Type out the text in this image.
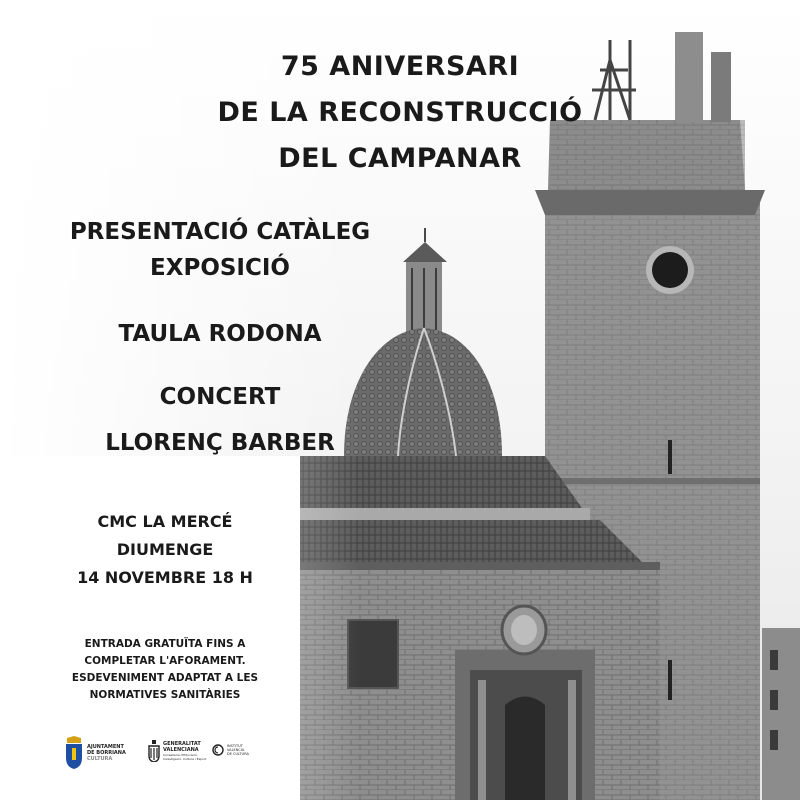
75 ANIVERSARI
DE LA RECONSTRUCCIÓ
DEL CAMPANAR
PRESENTACIÓ CATÀLEG
EXPOSICIÓ
TAULA RODONA
CONCERT
LLORENÇ BARBER
CMC LA MERCÉ
DIUMENGE
14 NOVEMBRE 18 H
ENTRADA GRATUÏTA FINS A
COMPLETAR L'AFORAMENT.
ESDEVENIMENT ADAPTAT A LES
NORMATIVES SANITÀRIES
AJUNTAMENT
DE BORRIANA
CULTURA
GENERALITAT
VALENCIANA
Conselleria d'Educació, Investigació, Cultura i Esport
INSTITUT
VALENCIÀ
DE CULTURA
